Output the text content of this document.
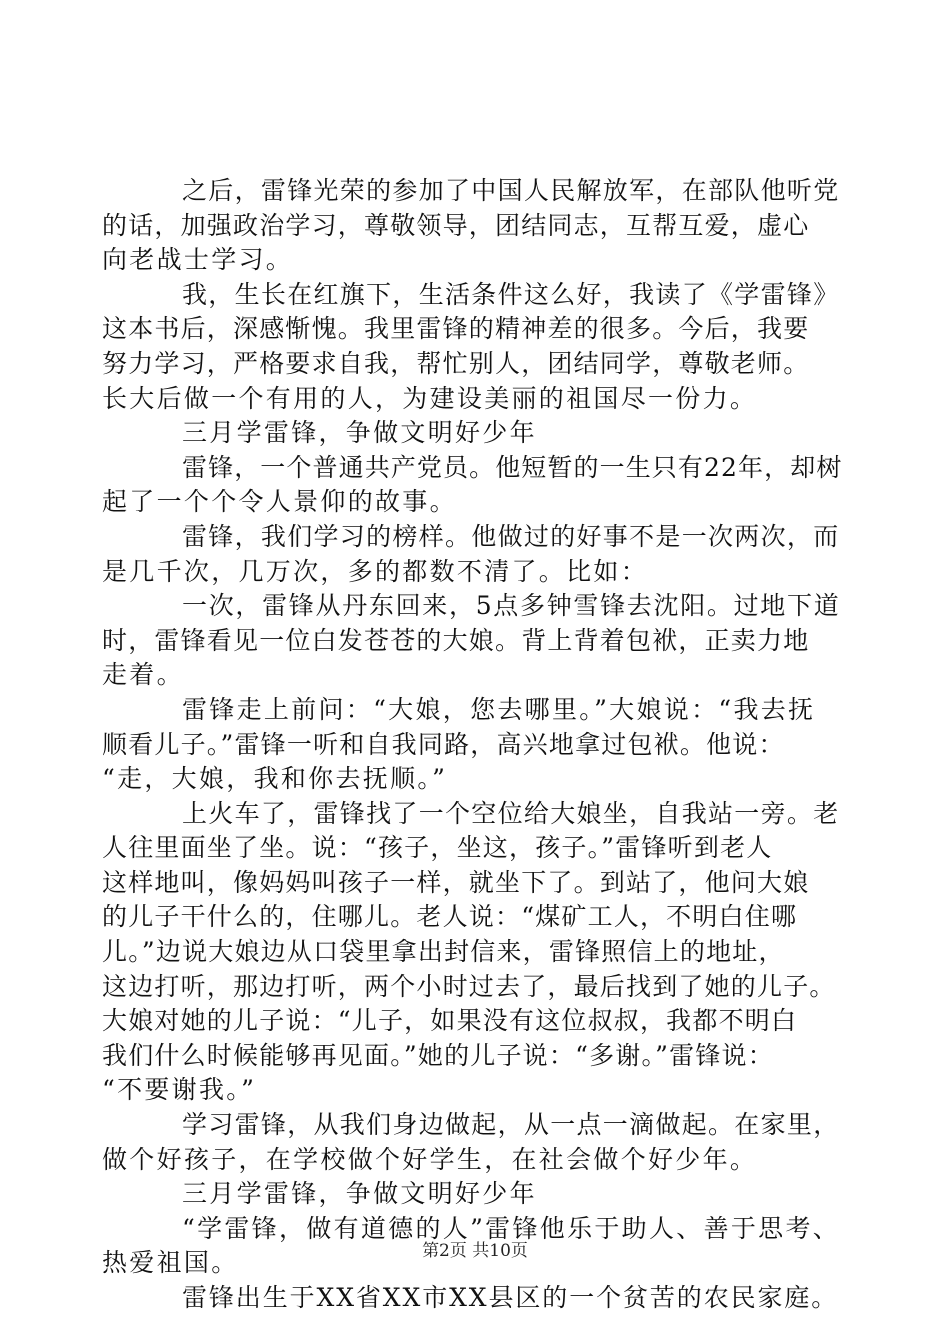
之后，雷锋光荣的参加了中国人民解放军，在部队他听党
的话，加强政治学习，尊敬领导，团结同志，互帮互爱，虚心
向老战士学习。
我，生长在红旗下，生活条件这么好，我读了《学雷锋》
这本书后，深感惭愧。我里雷锋的精神差的很多。今后，我要
努力学习，严格要求自我，帮忙别人，团结同学，尊敬老师。
长大后做一个有用的人，为建设美丽的祖国尽一份力。
三月学雷锋，争做文明好少年
雷锋，一个普通共产党员。他短暂的一生只有22年，却树
起了一个个令人景仰的故事。
雷锋，我们学习的榜样。他做过的好事不是一次两次，而
是几千次，几万次，多的都数不清了。比如：
一次，雷锋从丹东回来，5点多钟雪锋去沈阳。过地下道
时，雷锋看见一位白发苍苍的大娘。背上背着包袱，正卖力地
走着。
雷锋走上前问：“大娘，您去哪里。”大娘说：“我去抚
顺看儿子。”雷锋一听和自我同路，高兴地拿过包袱。他说：
“走，大娘，我和你去抚顺。”
上火车了，雷锋找了一个空位给大娘坐，自我站一旁。老
人往里面坐了坐。说：“孩子，坐这，孩子。”雷锋听到老人
这样地叫，像妈妈叫孩子一样，就坐下了。到站了，他问大娘
的儿子干什么的，住哪儿。老人说：“煤矿工人，不明白住哪
儿。”边说大娘边从口袋里拿出封信来，雷锋照信上的地址，
这边打听，那边打听，两个小时过去了，最后找到了她的儿子。
大娘对她的儿子说：“儿子，如果没有这位叔叔，我都不明白
我们什么时候能够再见面。”她的儿子说：“多谢。”雷锋说：
“不要谢我。”
学习雷锋，从我们身边做起，从一点一滴做起。在家里，
做个好孩子，在学校做个好学生，在社会做个好少年。
三月学雷锋，争做文明好少年
“学雷锋，做有道德的人”雷锋他乐于助人、善于思考、
热爱祖国。
雷锋出生于XX省XX市XX县区的一个贫苦的农民家庭。
第2页 共10页
